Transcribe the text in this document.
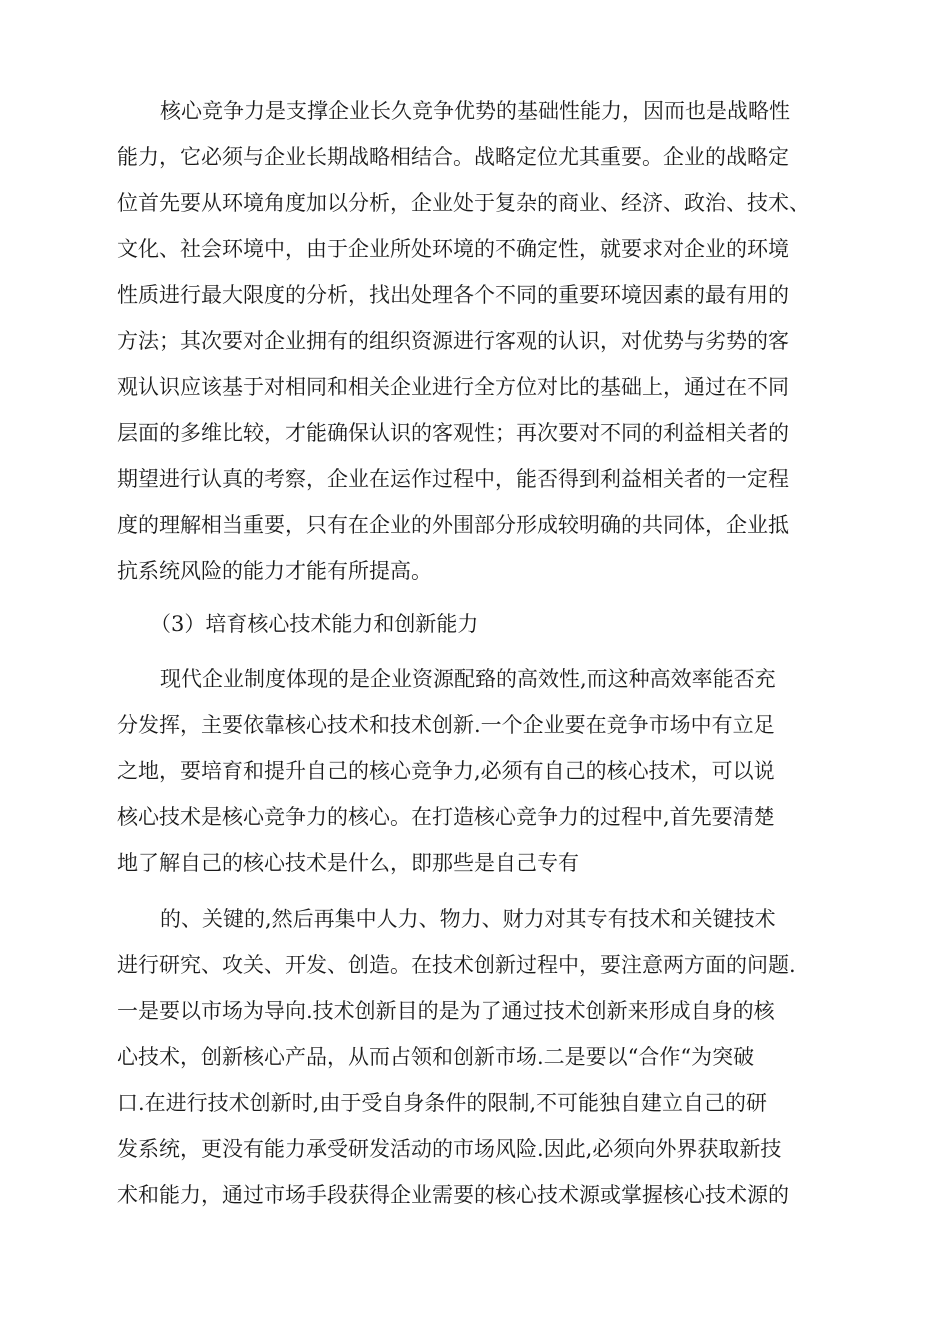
核心竞争力是支撑企业长久竞争优势的基础性能力，因而也是战略性
能力，它必须与企业长期战略相结合。战略定位尤其重要。企业的战略定
位首先要从环境角度加以分析，企业处于复杂的商业、经济、政治、技术、
文化、社会环境中，由于企业所处环境的不确定性，就要求对企业的环境
性质进行最大限度的分析，找出处理各个不同的重要环境因素的最有用的
方法；其次要对企业拥有的组织资源进行客观的认识，对优势与劣势的客
观认识应该基于对相同和相关企业进行全方位对比的基础上，通过在不同
层面的多维比较，才能确保认识的客观性；再次要对不同的利益相关者的
期望进行认真的考察，企业在运作过程中，能否得到利益相关者的一定程
度的理解相当重要，只有在企业的外围部分形成较明确的共同体，企业抵
抗系统风险的能力才能有所提高。
（3）培育核心技术能力和创新能力
现代企业制度体现的是企业资源配臵的高效性,而这种高效率能否充
分发挥，主要依靠核心技术和技术创新.一个企业要在竞争市场中有立足
之地，要培育和提升自己的核心竞争力,必须有自己的核心技术，可以说
核心技术是核心竞争力的核心。在打造核心竞争力的过程中,首先要清楚
地了解自己的核心技术是什么，即那些是自己专有
的、关键的,然后再集中人力、物力、财力对其专有技术和关键技术
进行研究、攻关、开发、创造。在技术创新过程中，要注意两方面的问题.
一是要以市场为导向.技术创新目的是为了通过技术创新来形成自身的核
心技术，创新核心产品，从而占领和创新市场.二是要以“合作“为突破
口.在进行技术创新时,由于受自身条件的限制,不可能独自建立自己的研
发系统，更没有能力承受研发活动的市场风险.因此,必须向外界获取新技
术和能力，通过市场手段获得企业需要的核心技术源或掌握核心技术源的
